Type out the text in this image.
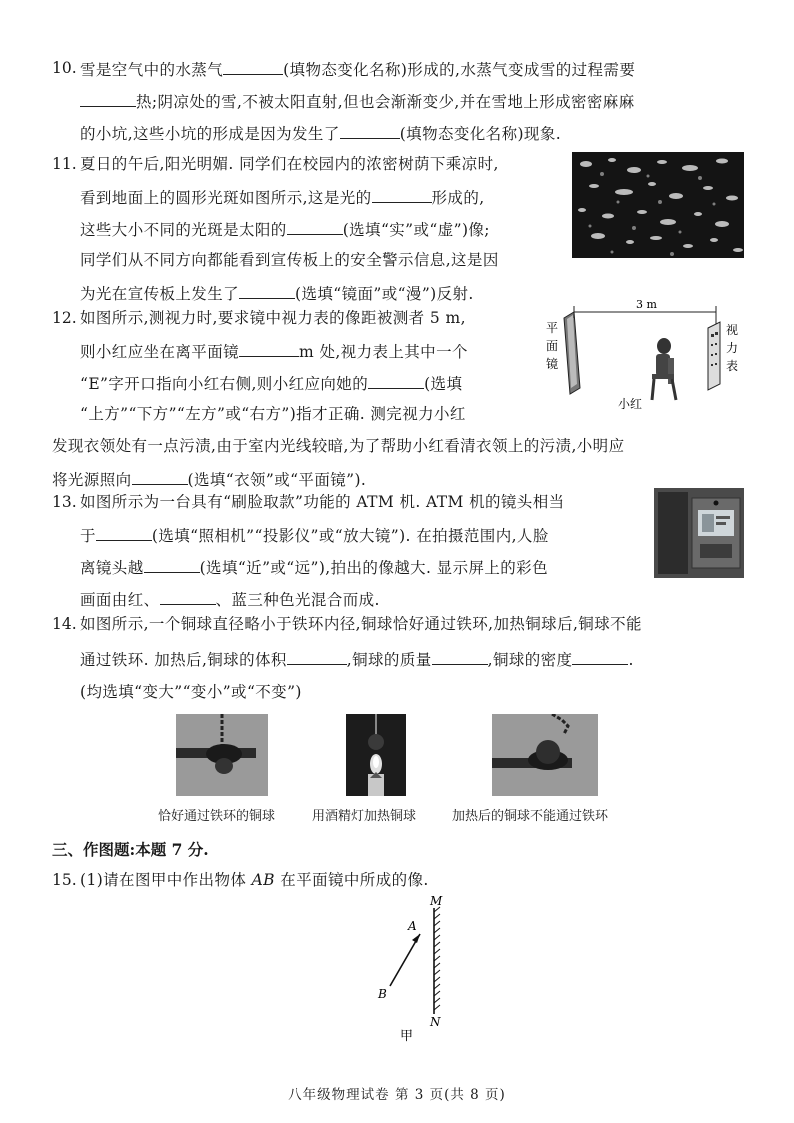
10. 雪是空气中的水蒸气	(填物态变化名称)形成的,水蒸气变成雪的过程需要
热;阴凉处的雪,不被太阳直射,但也会渐渐变少,并在雪地上形成密密麻麻
的小坑,这些小坑的形成是因为发生了	(填物态变化名称)现象.
11. 夏日的午后,阳光明媚. 同学们在校园内的浓密树荫下乘凉时,
看到地面上的圆形光斑如图所示,这是光的	形成的,
这些大小不同的光斑是太阳的	(选填“实”或“虚”)像;
同学们从不同方向都能看到宣传板上的安全警示信息,这是因
为光在宣传板上发生了	(选填“镜面”或“漫”)反射.
12. 如图所示,测视力时,要求镜中视力表的像距被测者 5 m,
则小红应坐在离平面镜	m 处,视力表上其中一个
“E”字开口指向小红右侧,则小红应向她的	(选填
“上方”“下方”“左方”或“右方”)指才正确. 测完视力小红
发现衣领处有一点污渍,由于室内光线较暗,为了帮助小红看清衣领上的污渍,小明应
将光源照向	(选填“衣领”或“平面镜”).
3 m
平
面
镜
视
力
表
小红
13. 如图所示为一台具有“刷脸取款”功能的 ATM 机. ATM 机的镜头相当
于	(选填“照相机”“投影仪”或“放大镜”). 在拍摄范围内,人脸
离镜头越	(选填“近”或“远”),拍出的像越大. 显示屏上的彩色
画面由红、	、蓝三种色光混合而成.
14. 如图所示,一个铜球直径略小于铁环内径,铜球恰好通过铁环,加热铜球后,铜球不能
通过铁环. 加热后,铜球的体积	,铜球的质量	,铜球的密度	.
(均选填“变大”“变小”或“不变”)
恰好通过铁环的铜球	用酒精灯加热铜球	加热后的铜球不能通过铁环
三、作图题:本题 7 分.
15. (1)请在图甲中作出物体 AB 在平面镜中所成的像.
A
B
M
N
甲
八年级物理试卷 第 3 页(共 8 页)
